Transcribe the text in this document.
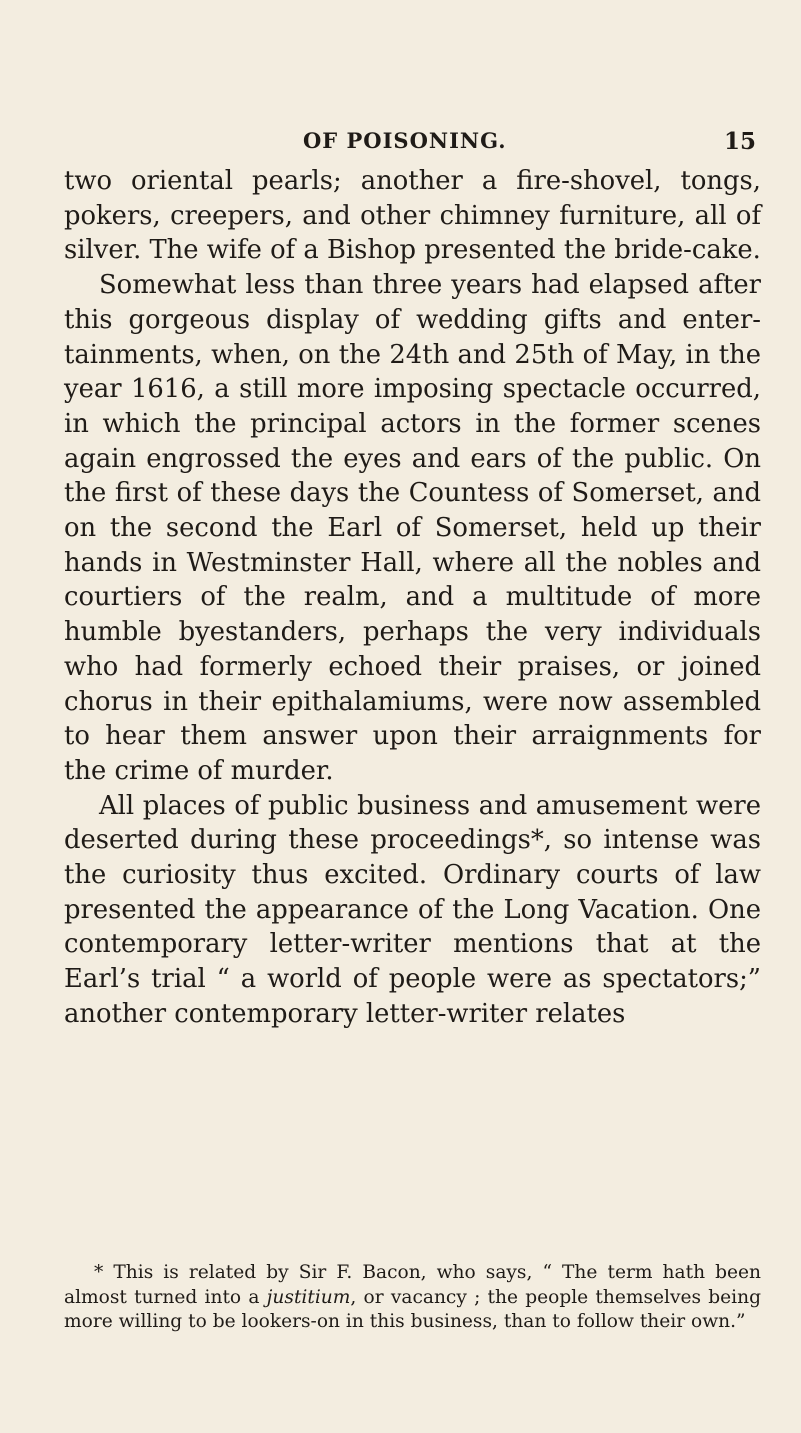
OF POISONING.	15

two oriental pearls; another a fire-shovel, tongs, pokers, creepers, and other chimney furniture, all of silver. The wife of a Bishop presented the bride-cake.

Somewhat less than three years had elapsed after this gorgeous display of wedding gifts and entertainments, when, on the 24th and 25th of May, in the year 1616, a still more imposing spectacle occurred, in which the principal actors in the former scenes again engrossed the eyes and ears of the public. On the first of these days the Countess of Somerset, and on the second the Earl of Somerset, held up their hands in Westminster Hall, where all the nobles and courtiers of the realm, and a multitude of more humble byestanders, perhaps the very individuals who had formerly echoed their praises, or joined chorus in their epithalamiums, were now assembled to hear them answer upon their arraignments for the crime of murder.

All places of public business and amusement were deserted during these proceedings*, so intense was the curiosity thus excited. Ordinary courts of law presented the appearance of the Long Vacation. One contemporary letter-writer mentions that at the Earl’s trial “ a world of people were as spectators;” another contemporary letter-writer relates

* This is related by Sir F. Bacon, who says, “ The term hath been almost turned into a justitium, or vacancy ; the people themselves being more willing to be lookers-on in this business, than to follow their own.”
